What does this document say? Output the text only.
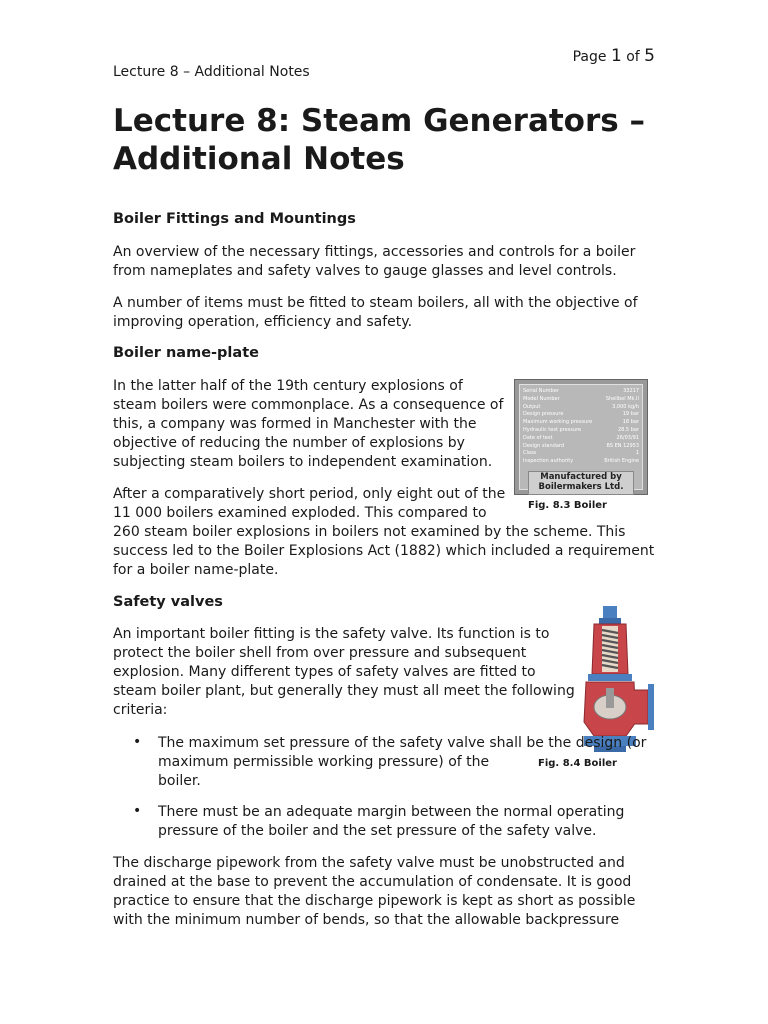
Page 1 of 5
Lecture 8 – Additional Notes
Lecture 8: Steam Generators –
Additional Notes
Boiler Fittings and Mountings

An overview of the necessary fittings, accessories and controls for a boiler
from nameplates and safety valves to gauge glasses and level controls.

A number of items must be fitted to steam boilers, all with the objective of
improving operation, efficiency and safety.

Boiler name-plate

In the latter half of the 19th century explosions of
steam boilers were commonplace. As a consequence of
this, a company was formed in Manchester with the
objective of reducing the number of explosions by
subjecting steam boilers to independent examination.

After a comparatively short period, only eight out of the
11 000 boilers examined exploded. This compared to
260 steam boiler explosions in boilers not examined by the scheme. This
success led to the Boiler Explosions Act (1882) which included a requirement
for a boiler name-plate.

Serial Number	33217
Model Number	Shellbel Mk.II
Output	3,000 kg/h
Design pressure	19 bar
Maximum working pressure	18 bar
Hydraulic test pressure	28.5 bar
Date of test	26/03/91
Design standard	BS EN 12953
Class	1
Inspection authority	British Engine
Manufactured by
Boilermakers Ltd.
Fig. 8.3 Boiler
Safety valves

An important boiler fitting is the safety valve. Its function is to
protect the boiler shell from over pressure and subsequent
explosion. Many different types of safety valves are fitted to
steam boiler plant, but generally they must all meet the following
criteria:

• The maximum set pressure of the safety valve shall be the design (or
maximum permissible working pressure) of the
boiler.
Fig. 8.4 Boiler
• There must be an adequate margin between the normal operating
pressure of the boiler and the set pressure of the safety valve.

The discharge pipework from the safety valve must be unobstructed and
drained at the base to prevent the accumulation of condensate. It is good
practice to ensure that the discharge pipework is kept as short as possible
with the minimum number of bends, so that the allowable backpressure
